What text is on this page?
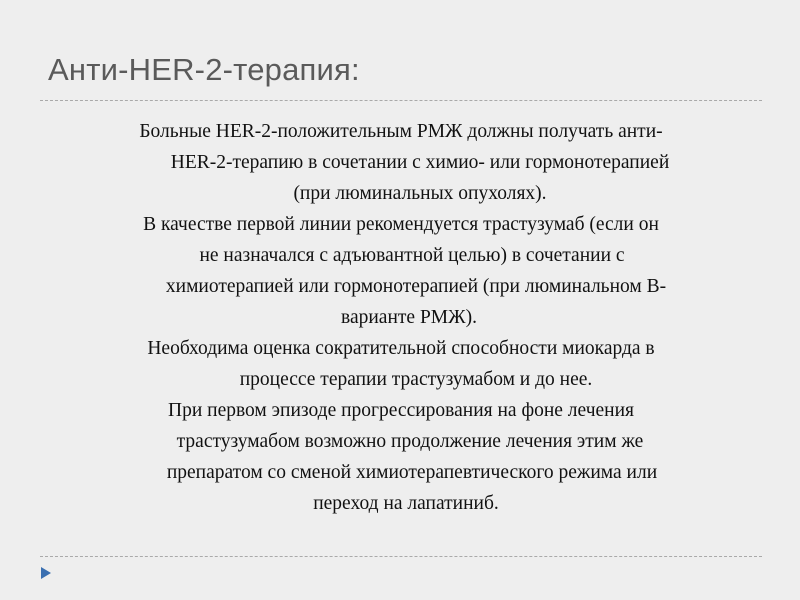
Анти-HER-2-терапия:

Больные HER-2-положительным РМЖ должны получать анти-
HER-2-терапию в сочетании с химио- или гормонотерапией
(при люминальных опухолях).

В качестве первой линии рекомендуется трастузумаб (если он
не назначался с адъювантной целью) в сочетании с
химиотерапией или гормонотерапией (при люминальном В-
варианте РМЖ).

Необходима оценка сократительной способности миокарда в
процессе терапии трастузумабом и до нее.

При первом эпизоде прогрессирования на фоне лечения
трастузумабом возможно продолжение лечения этим же
препаратом со сменой химиотерапевтического режима или
переход на лапатиниб.
